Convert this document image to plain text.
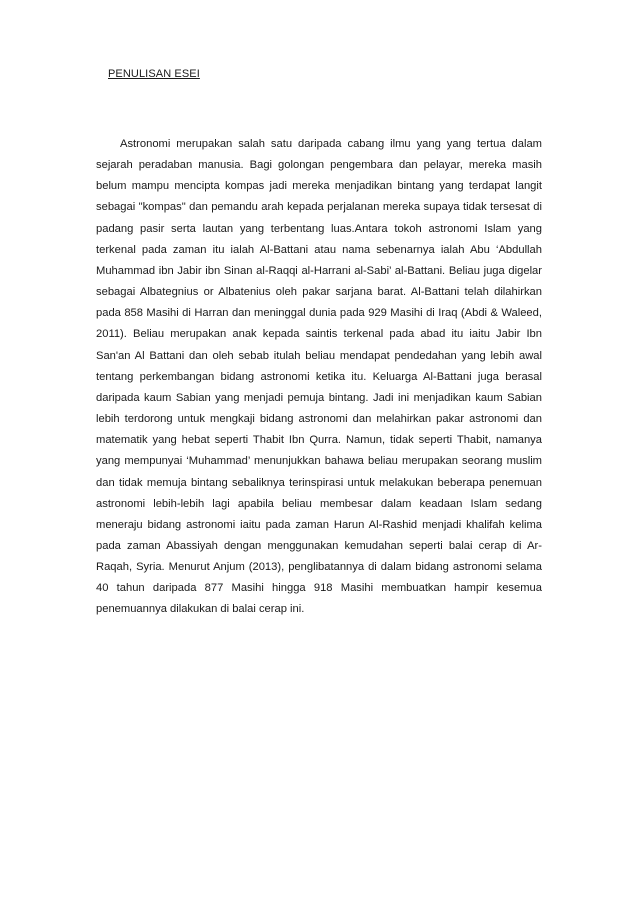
PENULISAN ESEI

Astronomi merupakan salah satu daripada cabang ilmu yang yang tertua dalam sejarah peradaban manusia. Bagi golongan pengembara dan pelayar, mereka masih belum mampu mencipta kompas jadi mereka menjadikan bintang yang terdapat langit sebagai "kompas" dan pemandu arah kepada perjalanan mereka supaya tidak tersesat di padang pasir serta lautan yang terbentang luas.Antara tokoh astronomi Islam yang terkenal pada zaman itu ialah Al-Battani atau nama sebenarnya ialah Abu ‘Abdullah Muhammad ibn Jabir ibn Sinan al-Raqqi al-Harrani al-Sabi’ al-Battani. Beliau juga digelar sebagai Albategnius or Albatenius oleh pakar sarjana barat. Al-Battani telah dilahirkan pada 858 Masihi di Harran dan meninggal dunia pada 929 Masihi di Iraq (Abdi & Waleed, 2011). Beliau merupakan anak kepada saintis terkenal pada abad itu iaitu Jabir Ibn San'an Al Battani dan oleh sebab itulah beliau mendapat pendedahan yang lebih awal tentang perkembangan bidang astronomi ketika itu. Keluarga Al-Battani juga berasal daripada kaum Sabian yang menjadi pemuja bintang. Jadi ini menjadikan kaum Sabian lebih terdorong untuk mengkaji bidang astronomi dan melahirkan pakar astronomi dan matematik yang hebat seperti Thabit Ibn Qurra. Namun, tidak seperti Thabit, namanya yang mempunyai ‘Muhammad’ menunjukkan bahawa beliau merupakan seorang muslim dan tidak memuja bintang sebaliknya terinspirasi untuk melakukan beberapa penemuan astronomi lebih-lebih lagi apabila beliau membesar dalam keadaan Islam sedang meneraju bidang astronomi iaitu pada zaman Harun Al-Rashid menjadi khalifah kelima pada zaman Abassiyah dengan menggunakan kemudahan seperti balai cerap di Ar-Raqah, Syria. Menurut Anjum (2013), penglibatannya di dalam bidang astronomi selama 40 tahun daripada 877 Masihi hingga 918 Masihi membuatkan hampir kesemua penemuannya dilakukan di balai cerap ini.
